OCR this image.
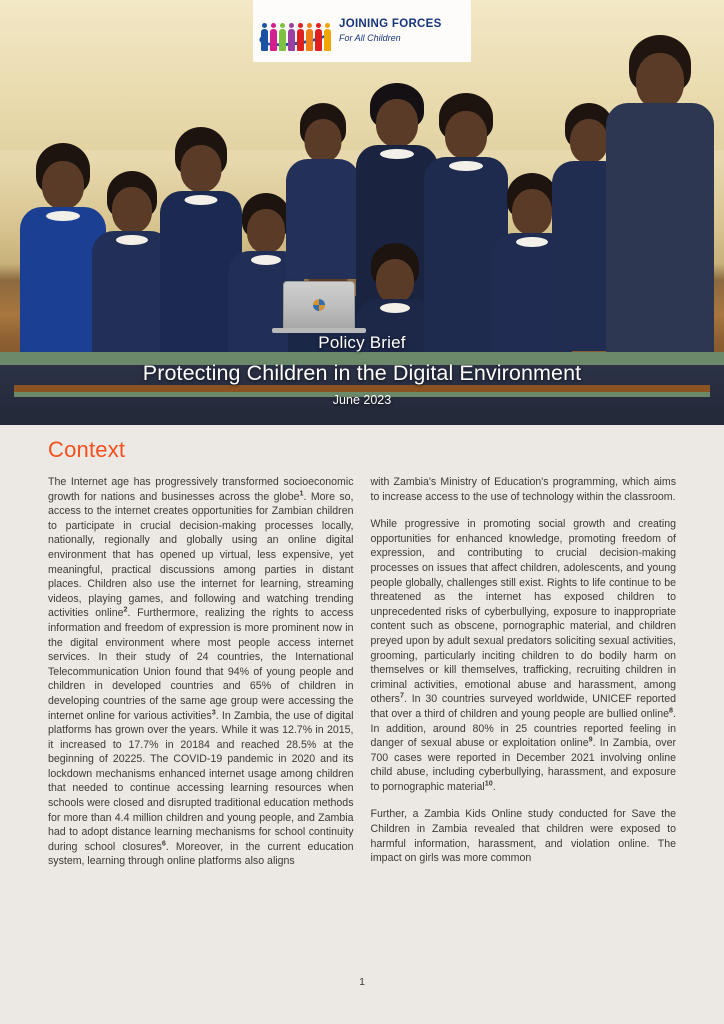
JOINING FORCES
For All Children
Policy Brief
Protecting Children in the Digital Environment
June 2023
Context

The Internet age has progressively transformed socioeconomic growth for nations and businesses across the globe$^1$. More so, access to the internet creates opportunities for Zambian children to participate in crucial decision-making processes locally, nationally, regionally and globally using an online digital environment that has opened up virtual, less expensive, yet meaningful, practical discussions among parties in distant places. Children also use the internet for learning, streaming videos, playing games, and following and watching trending activities online$^2$. Furthermore, realizing the rights to access information and freedom of expression is more prominent now in the digital environment where most people access internet services. In their study of 24 countries, the International Telecommunication Union found that 94% of young people and children in developed countries and 65% of children in developing countries of the same age group were accessing the internet online for various activities$^3$. In Zambia, the use of digital platforms has grown over the years. While it was 12.7% in 2015, it increased to 17.7% in 20184 and reached 28.5% at the beginning of 20225. The COVID-19 pandemic in 2020 and its lockdown mechanisms enhanced internet usage among children that needed to continue accessing learning resources when schools were closed and disrupted traditional education methods for more than 4.4 million children and young people, and Zambia had to adopt distance learning mechanisms for school continuity during school closures$^6$. Moreover, in the current education system, learning through online platforms also aligns

with Zambia's Ministry of Education's programming, which aims to increase access to the use of technology within the classroom.

While progressive in promoting social growth and creating opportunities for enhanced knowledge, promoting freedom of expression, and contributing to crucial decision-making processes on issues that affect children, adolescents, and young people globally, challenges still exist. Rights to life continue to be threatened as the internet has exposed children to unprecedented risks of cyberbullying, exposure to inappropriate content such as obscene, pornographic material, and children preyed upon by adult sexual predators soliciting sexual activities, grooming, particularly inciting children to do bodily harm on themselves or kill themselves, trafficking, recruiting children in criminal activities, emotional abuse and harassment, among others$^7$. In 30 countries surveyed worldwide, UNICEF reported that over a third of children and young people are bullied online$^8$. In addition, around 80% in 25 countries reported feeling in danger of sexual abuse or exploitation online$^9$. In Zambia, over 700 cases were reported in December 2021 involving online child abuse, including cyberbullying, harassment, and exposure to pornographic material$^{10}$.

Further, a Zambia Kids Online study conducted for Save the Children in Zambia revealed that children were exposed to harmful information, harassment, and violation online. The impact on girls was more common

1
